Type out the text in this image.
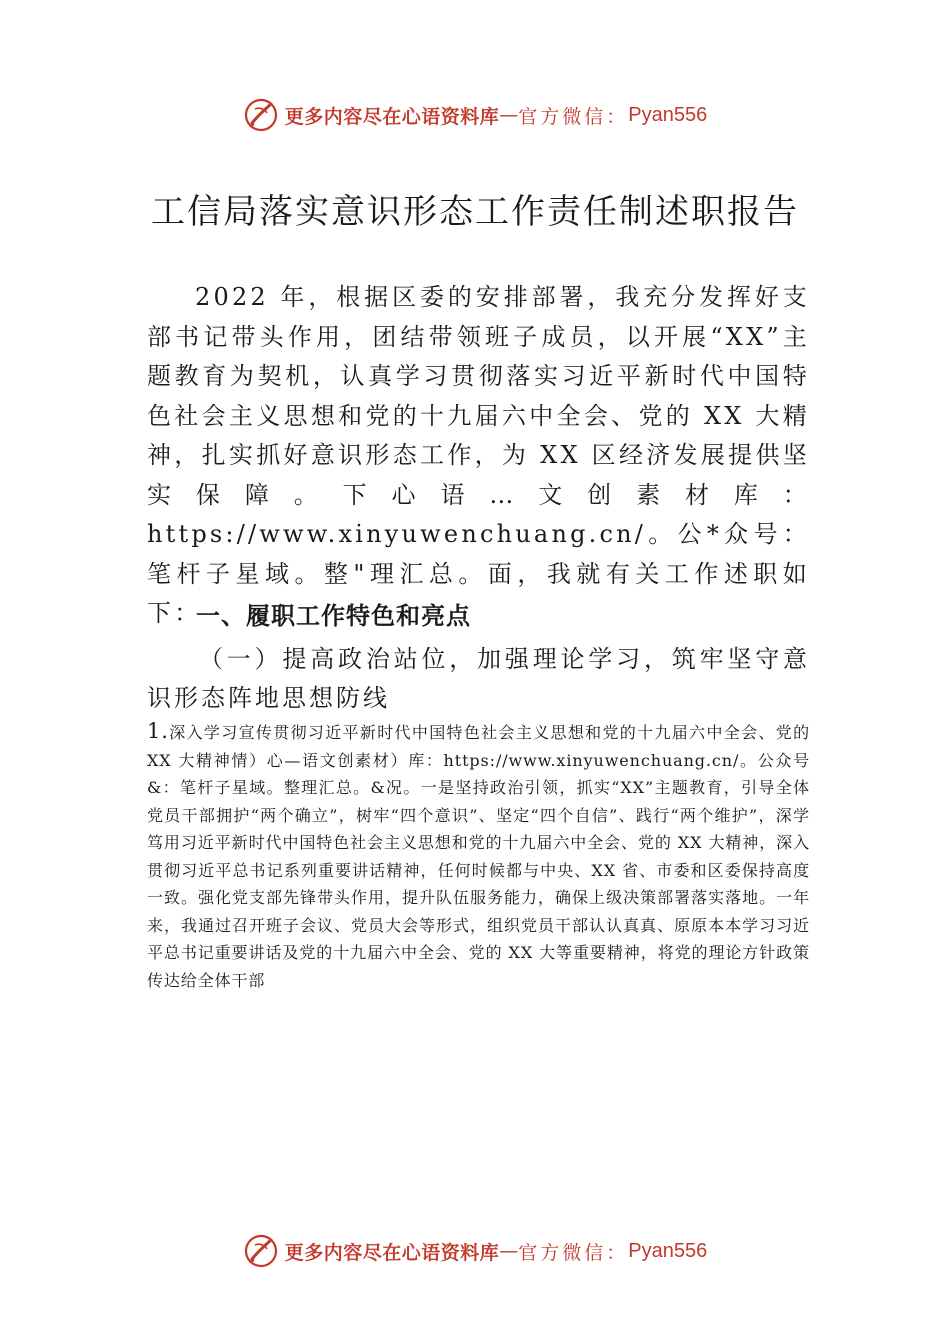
更多内容尽在心语资料库 — 官方微信： Pyan556
工信局落实意识形态工作责任制述职报告
2022 年，根据区委的安排部署，我充分发挥好支部书记带头作用，团结带领班子成员，以开展“XX”主题教育为契机，认真学习贯彻落实习近平新时代中国特色社会主义思想和党的十九届六中全会、党的 XX 大精神，扎实抓好意识形态工作，为 XX 区经济发展提供坚实保障。下心语…文创素材库：https://www.xinyuwenchuang.cn/。公*众号：笔杆子星域。整"理汇总。面，我就有关工作述职如下：
一、履职工作特色和亮点
（一）提高政治站位，加强理论学习，筑牢坚守意识形态阵地思想防线
1.深入学习宣传贯彻习近平新时代中国特色社会主义思想和党的十九届六中全会、党的 XX 大精神情）心—语文创素材）库：https://www.xinyuwenchuang.cn/。公众号&：笔杆子星域。整理汇总。&况。一是坚持政治引领，抓实“XX”主题教育，引导全体党员干部拥护“两个确立”，树牢“四个意识”、坚定“四个自信”、践行“两个维护”，深学笃用习近平新时代中国特色社会主义思想和党的十九届六中全会、党的 XX 大精神，深入贯彻习近平总书记系列重要讲话精神，任何时候都与中央、XX 省、市委和区委保持高度一致。强化党支部先锋带头作用，提升队伍服务能力，确保上级决策部署落实落地。一年来，我通过召开班子会议、党员大会等形式，组织党员干部认认真真、原原本本学习习近平总书记重要讲话及党的十九届六中全会、党的 XX 大等重要精神，将党的理论方针政策传达给全体干部
更多内容尽在心语资料库 — 官方微信： Pyan556
